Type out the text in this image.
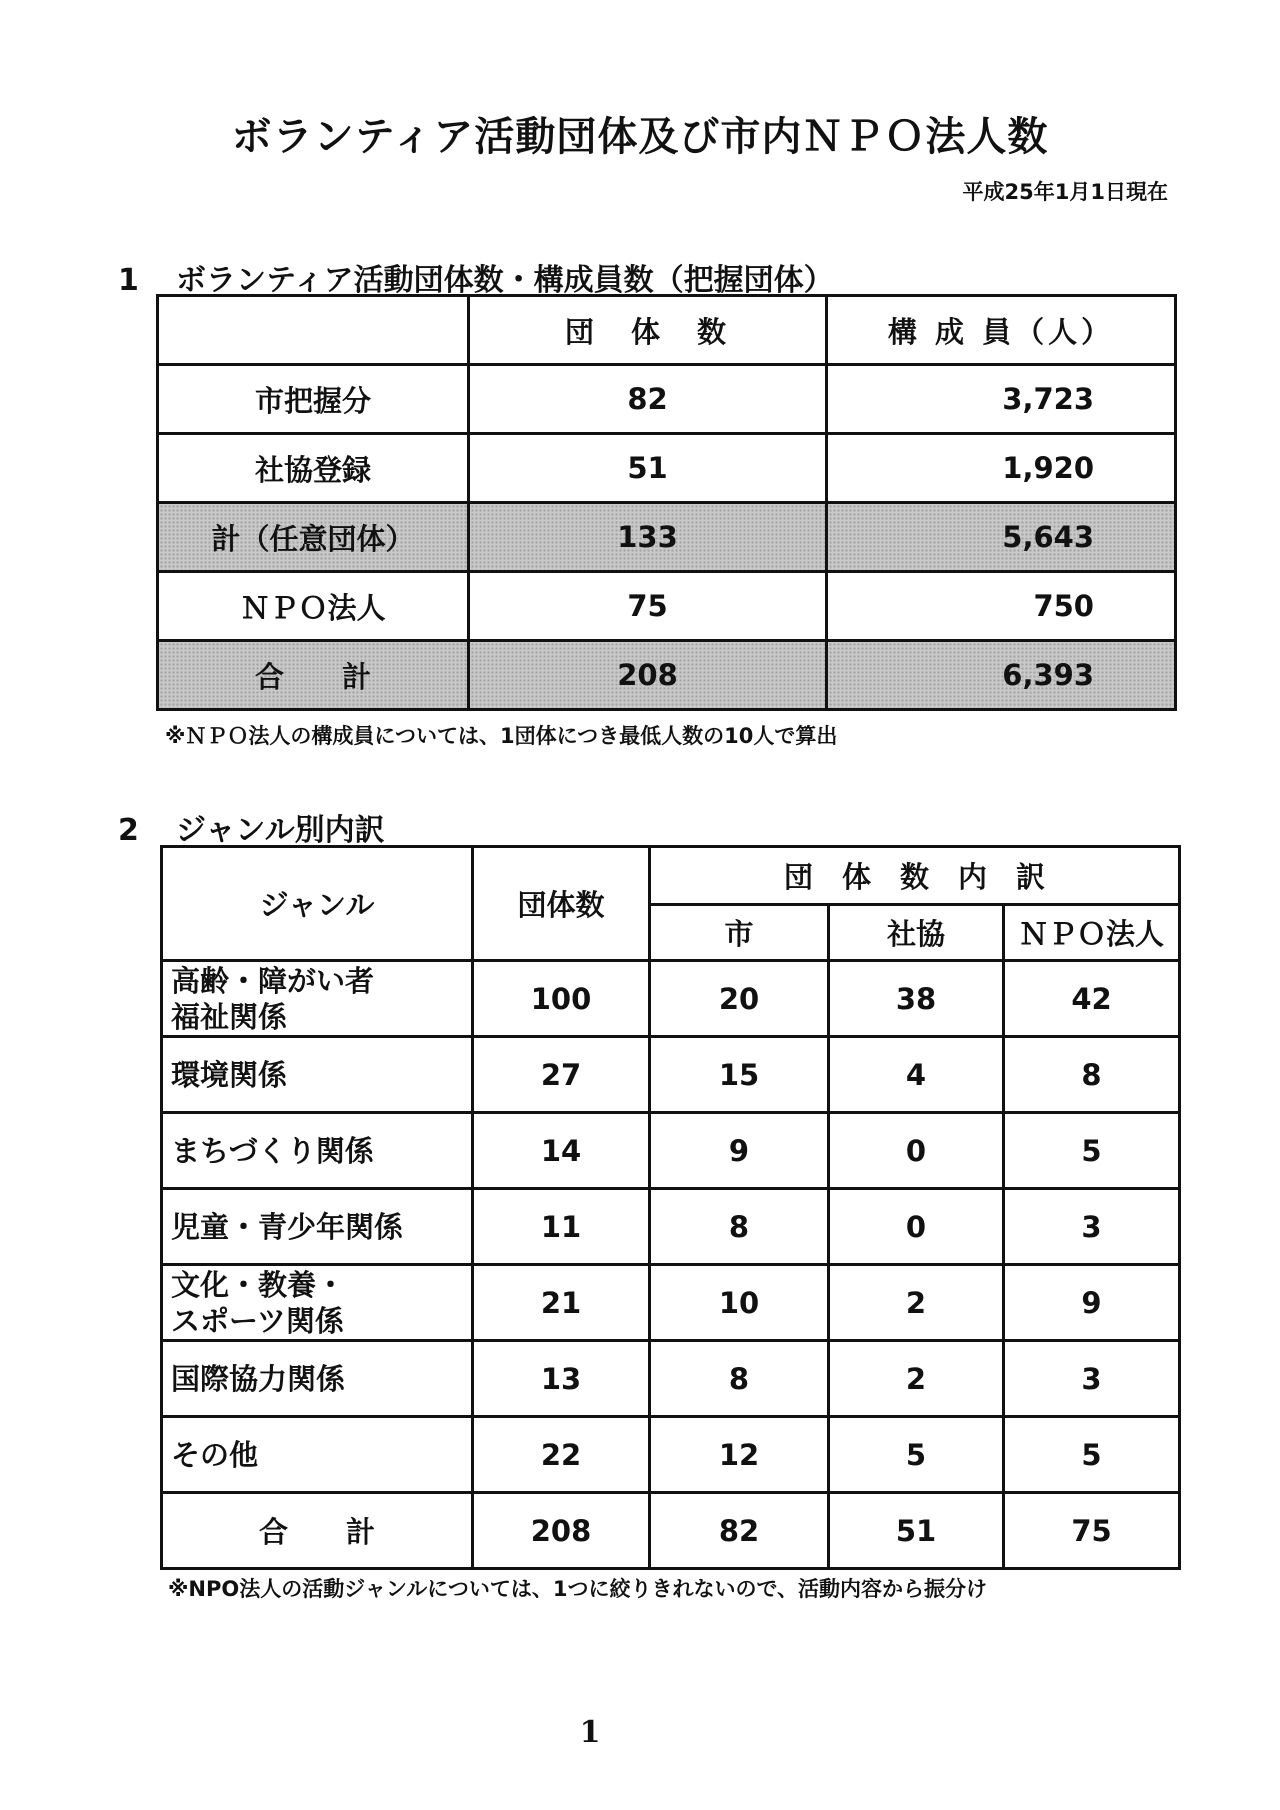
ボランティア活動団体及び市内ＮＰＯ法人数
平成25年1月1日現在
1 ボランティア活動団体数・構成員数（把握団体）
	団　体　数	構 成 員（人）
市把握分	82	3,723
社協登録	51	1,920
計（任意団体）	133	5,643
ＮＰＯ法人	75	750
合　　計	208	6,393
※ＮＰＯ法人の構成員については、1団体につき最低人数の10人で算出
2 ジャンル別内訳
ジャンル	団体数	団　体　数　内　訳		
		市	社協	ＮＰＯ法人

高齢・障がい者
福祉関係	100	20	38	42

環境関係	27	15	4	8

まちづくり関係	14	9	0	5

児童・青少年関係	11	8	0	3

文化・教養・
スポーツ関係	21	10	2	9

国際協力関係	13	8	2	3

その他	22	12	5	5
合　　計	208	82	51	75
※NPO法人の活動ジャンルについては、1つに絞りきれないので、活動内容から振分け
1
